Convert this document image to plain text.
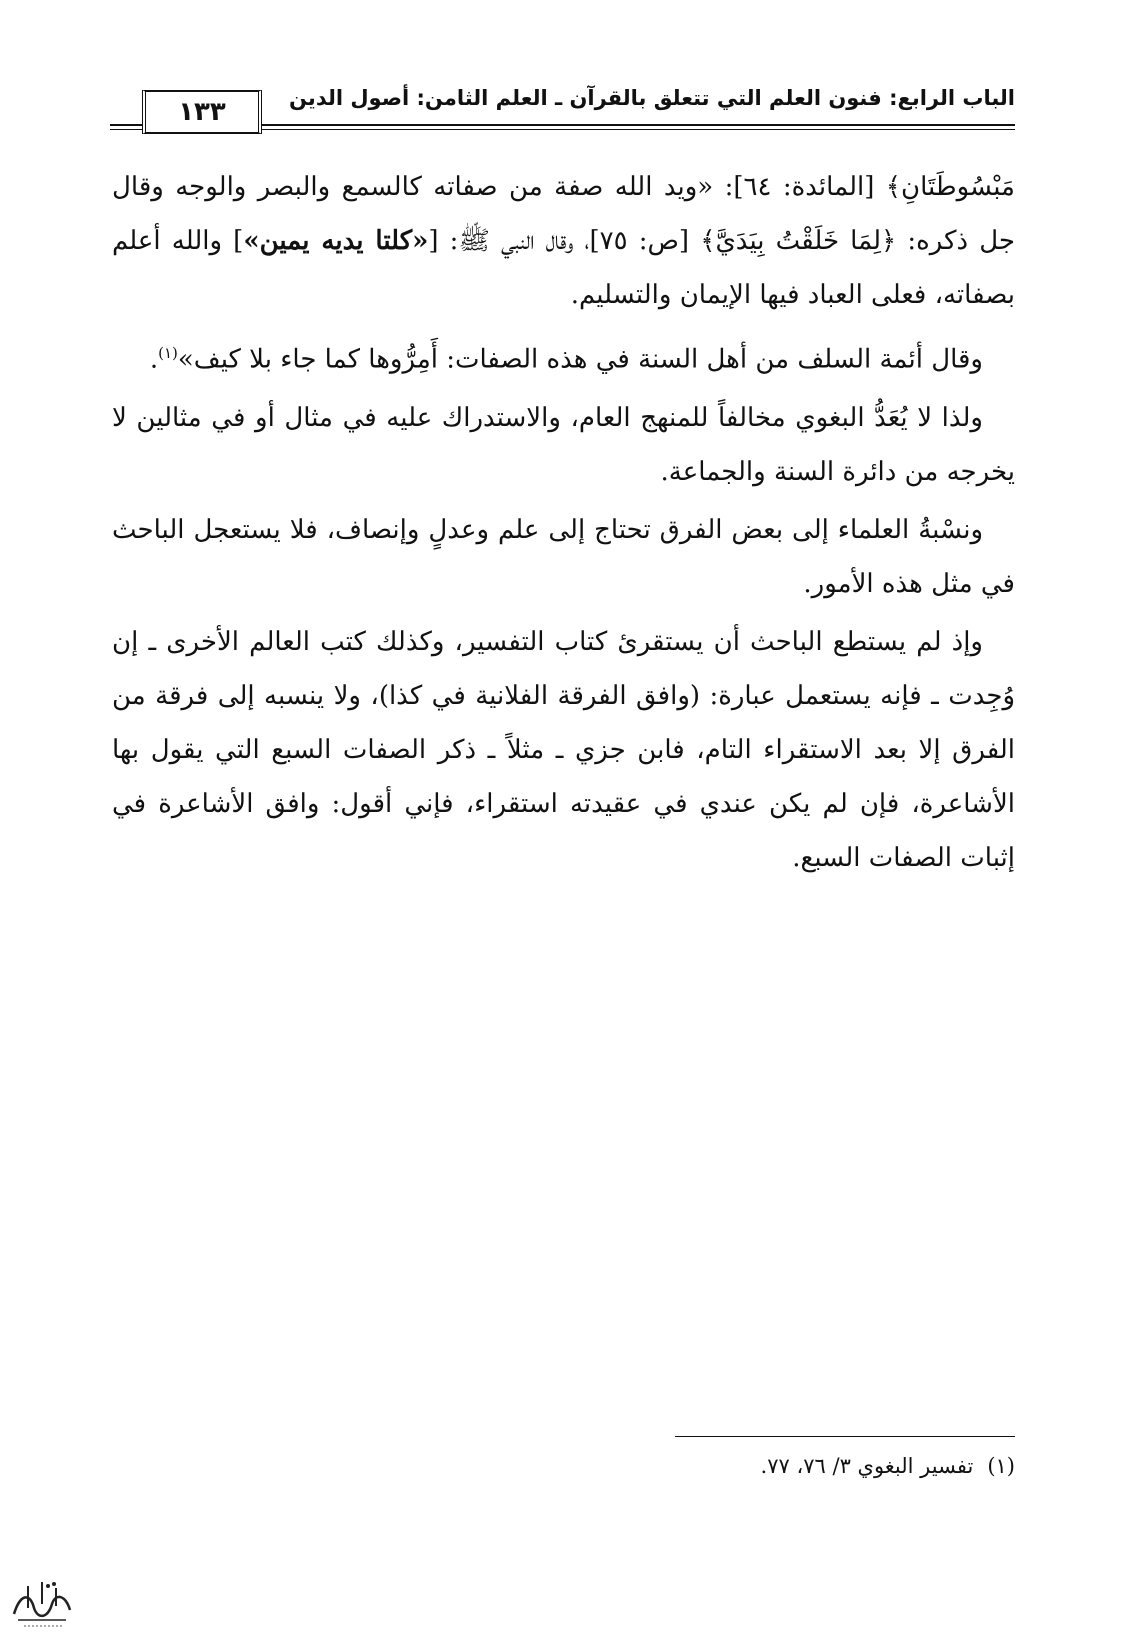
الباب الرابع: فنون العلم التي تتعلق بالقرآن ـ العلم الثامن: أصول الدين
١٣٣

مَبْسُوطَتَانِ﴾ [المائدة: ٦٤]: «ويد الله صفة من صفاته كالسمع والبصر والوجه وقال جل ذكره: ﴿لِمَا خَلَقْتُ بِيَدَيَّ﴾ [ص: ٧٥]، وقال النبي ﷺ: [«كلتا يديه يمين»] والله أعلم بصفاته، فعلى العباد فيها الإيمان والتسليم.

وقال أئمة السلف من أهل السنة في هذه الصفات: أَمِرُّوها كما جاء بلا كيف»$^{(١)}$.

ولذا لا يُعَدُّ البغوي مخالفاً للمنهج العام، والاستدراك عليه في مثال أو في مثالين لا يخرجه من دائرة السنة والجماعة.

ونسْبةُ العلماء إلى بعض الفرق تحتاج إلى علم وعدلٍ وإنصاف، فلا يستعجل الباحث في مثل هذه الأمور.

وإذ لم يستطع الباحث أن يستقرئ كتاب التفسير، وكذلك كتب العالم الأخرى ـ إن وُجِدت ـ فإنه يستعمل عبارة: (وافق الفرقة الفلانية في كذا)، ولا ينسبه إلى فرقة من الفرق إلا بعد الاستقراء التام، فابن جزي ـ مثلاً ـ ذكر الصفات السبع التي يقول بها الأشاعرة، فإن لم يكن عندي في عقيدته استقراء، فإني أقول: وافق الأشاعرة في إثبات الصفات السبع.

(١)تفسير البغوي ٣/ ٧٦، ٧٧.
